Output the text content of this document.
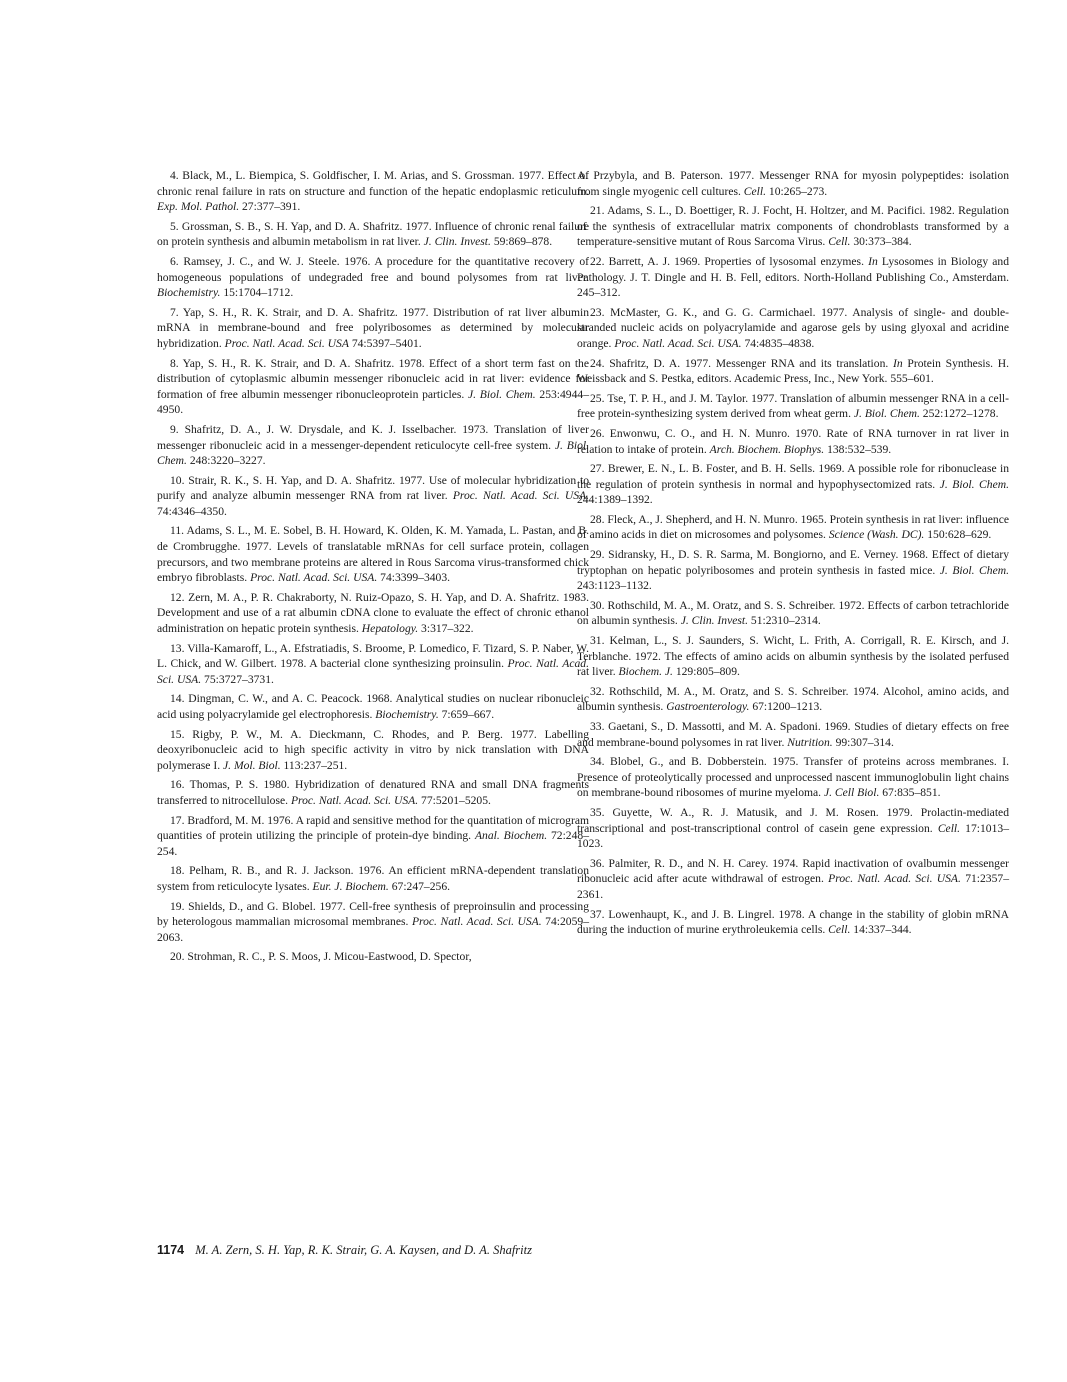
4. Black, M., L. Biempica, S. Goldfischer, I. M. Arias, and S. Grossman. 1977. Effect of chronic renal failure in rats on structure and function of the hepatic endoplasmic reticulum. Exp. Mol. Pathol. 27:377–391.

5. Grossman, S. B., S. H. Yap, and D. A. Shafritz. 1977. Influence of chronic renal failure on protein synthesis and albumin metabolism in rat liver. J. Clin. Invest. 59:869–878.

6. Ramsey, J. C., and W. J. Steele. 1976. A procedure for the quantitative recovery of homogeneous populations of undegraded free and bound polysomes from rat liver. Biochemistry. 15:1704–1712.

7. Yap, S. H., R. K. Strair, and D. A. Shafritz. 1977. Distribution of rat liver albumin mRNA in membrane-bound and free polyribosomes as determined by molecular hybridization. Proc. Natl. Acad. Sci. USA 74:5397–5401.

8. Yap, S. H., R. K. Strair, and D. A. Shafritz. 1978. Effect of a short term fast on the distribution of cytoplasmic albumin messenger ribonucleic acid in rat liver: evidence for formation of free albumin messenger ribonucleoprotein particles. J. Biol. Chem. 253:4944–4950.

9. Shafritz, D. A., J. W. Drysdale, and K. J. Isselbacher. 1973. Translation of liver messenger ribonucleic acid in a messenger-dependent reticulocyte cell-free system. J. Biol. Chem. 248:3220–3227.

10. Strair, R. K., S. H. Yap, and D. A. Shafritz. 1977. Use of molecular hybridization to purify and analyze albumin messenger RNA from rat liver. Proc. Natl. Acad. Sci. USA. 74:4346–4350.

11. Adams, S. L., M. E. Sobel, B. H. Howard, K. Olden, K. M. Yamada, L. Pastan, and B. de Crombrugghe. 1977. Levels of translatable mRNAs for cell surface protein, collagen precursors, and two membrane proteins are altered in Rous Sarcoma virus-transformed chick embryo fibroblasts. Proc. Natl. Acad. Sci. USA. 74:3399–3403.

12. Zern, M. A., P. R. Chakraborty, N. Ruiz-Opazo, S. H. Yap, and D. A. Shafritz. 1983. Development and use of a rat albumin cDNA clone to evaluate the effect of chronic ethanol administration on hepatic protein synthesis. Hepatology. 3:317–322.

13. Villa-Kamaroff, L., A. Efstratiadis, S. Broome, P. Lomedico, F. Tizard, S. P. Naber, W. L. Chick, and W. Gilbert. 1978. A bacterial clone synthesizing proinsulin. Proc. Natl. Acad. Sci. USA. 75:3727–3731.

14. Dingman, C. W., and A. C. Peacock. 1968. Analytical studies on nuclear ribonucleic acid using polyacrylamide gel electrophoresis. Biochemistry. 7:659–667.

15. Rigby, P. W., M. A. Dieckmann, C. Rhodes, and P. Berg. 1977. Labelling deoxyribonucleic acid to high specific activity in vitro by nick translation with DNA polymerase I. J. Mol. Biol. 113:237–251.

16. Thomas, P. S. 1980. Hybridization of denatured RNA and small DNA fragments transferred to nitrocellulose. Proc. Natl. Acad. Sci. USA. 77:5201–5205.

17. Bradford, M. M. 1976. A rapid and sensitive method for the quantitation of microgram quantities of protein utilizing the principle of protein-dye binding. Anal. Biochem. 72:248–254.

18. Pelham, R. B., and R. J. Jackson. 1976. An efficient mRNA-dependent translation system from reticulocyte lysates. Eur. J. Biochem. 67:247–256.

19. Shields, D., and G. Blobel. 1977. Cell-free synthesis of preproinsulin and processing by heterologous mammalian microsomal membranes. Proc. Natl. Acad. Sci. USA. 74:2059–2063.

20. Strohman, R. C., P. S. Moos, J. Micou-Eastwood, D. Spector,

A. Przybyla, and B. Paterson. 1977. Messenger RNA for myosin polypeptides: isolation from single myogenic cell cultures. Cell. 10:265–273.

21. Adams, S. L., D. Boettiger, R. J. Focht, H. Holtzer, and M. Pacifici. 1982. Regulation of the synthesis of extracellular matrix components of chondroblasts transformed by a temperature-sensitive mutant of Rous Sarcoma Virus. Cell. 30:373–384.

22. Barrett, A. J. 1969. Properties of lysosomal enzymes. In Lysosomes in Biology and Pathology. J. T. Dingle and H. B. Fell, editors. North-Holland Publishing Co., Amsterdam. 245–312.

23. McMaster, G. K., and G. G. Carmichael. 1977. Analysis of single- and double-stranded nucleic acids on polyacrylamide and agarose gels by using glyoxal and acridine orange. Proc. Natl. Acad. Sci. USA. 74:4835–4838.

24. Shafritz, D. A. 1977. Messenger RNA and its translation. In Protein Synthesis. H. Weissback and S. Pestka, editors. Academic Press, Inc., New York. 555–601.

25. Tse, T. P. H., and J. M. Taylor. 1977. Translation of albumin messenger RNA in a cell-free protein-synthesizing system derived from wheat germ. J. Biol. Chem. 252:1272–1278.

26. Enwonwu, C. O., and H. N. Munro. 1970. Rate of RNA turnover in rat liver in relation to intake of protein. Arch. Biochem. Biophys. 138:532–539.

27. Brewer, E. N., L. B. Foster, and B. H. Sells. 1969. A possible role for ribonuclease in the regulation of protein synthesis in normal and hypophysectomized rats. J. Biol. Chem. 244:1389–1392.

28. Fleck, A., J. Shepherd, and H. N. Munro. 1965. Protein synthesis in rat liver: influence of amino acids in diet on microsomes and polysomes. Science (Wash. DC). 150:628–629.

29. Sidransky, H., D. S. R. Sarma, M. Bongiorno, and E. Verney. 1968. Effect of dietary tryptophan on hepatic polyribosomes and protein synthesis in fasted mice. J. Biol. Chem. 243:1123–1132.

30. Rothschild, M. A., M. Oratz, and S. S. Schreiber. 1972. Effects of carbon tetrachloride on albumin synthesis. J. Clin. Invest. 51:2310–2314.

31. Kelman, L., S. J. Saunders, S. Wicht, L. Frith, A. Corrigall, R. E. Kirsch, and J. Terblanche. 1972. The effects of amino acids on albumin synthesis by the isolated perfused rat liver. Biochem. J. 129:805–809.

32. Rothschild, M. A., M. Oratz, and S. S. Schreiber. 1974. Alcohol, amino acids, and albumin synthesis. Gastroenterology. 67:1200–1213.

33. Gaetani, S., D. Massotti, and M. A. Spadoni. 1969. Studies of dietary effects on free and membrane-bound polysomes in rat liver. Nutrition. 99:307–314.

34. Blobel, G., and B. Dobberstein. 1975. Transfer of proteins across membranes. I. Presence of proteolytically processed and unprocessed nascent immunoglobulin light chains on membrane-bound ribosomes of murine myeloma. J. Cell Biol. 67:835–851.

35. Guyette, W. A., R. J. Matusik, and J. M. Rosen. 1979. Prolactin-mediated transcriptional and post-transcriptional control of casein gene expression. Cell. 17:1013–1023.

36. Palmiter, R. D., and N. H. Carey. 1974. Rapid inactivation of ovalbumin messenger ribonucleic acid after acute withdrawal of estrogen. Proc. Natl. Acad. Sci. USA. 71:2357–2361.

37. Lowenhaupt, K., and J. B. Lingrel. 1978. A change in the stability of globin mRNA during the induction of murine erythroleukemia cells. Cell. 14:337–344.

1174 M. A. Zern, S. H. Yap, R. K. Strair, G. A. Kaysen, and D. A. Shafritz
